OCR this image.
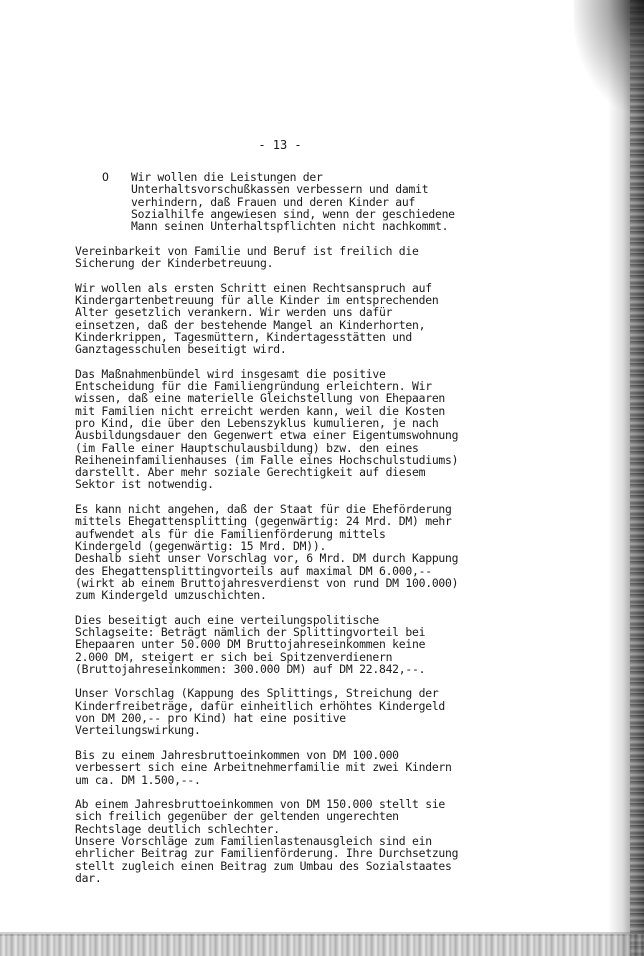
- 13 -
O Wir wollen die Leistungen der
Unterhaltsvorschußkassen verbessern und damit
verhindern, daß Frauen und deren Kinder auf
Sozialhilfe angewiesen sind, wenn der geschiedene
Mann seinen Unterhaltspflichten nicht nachkommt.
Vereinbarkeit von Familie und Beruf ist freilich die
Sicherung der Kinderbetreuung.
Wir wollen als ersten Schritt einen Rechtsanspruch auf
Kindergartenbetreuung für alle Kinder im entsprechenden
Alter gesetzlich verankern. Wir werden uns dafür
einsetzen, daß der bestehende Mangel an Kinderhorten,
Kinderkrippen, Tagesmüttern, Kindertagesstätten und
Ganztagesschulen beseitigt wird.
Das Maßnahmenbündel wird insgesamt die positive
Entscheidung für die Familiengründung erleichtern. Wir
wissen, daß eine materielle Gleichstellung von Ehepaaren
mit Familien nicht erreicht werden kann, weil die Kosten
pro Kind, die über den Lebenszyklus kumulieren, je nach
Ausbildungsdauer den Gegenwert etwa einer Eigentumswohnung
(im Falle einer Hauptschulausbildung) bzw. den eines
Reiheneinfamilienhauses (im Falle eines Hochschulstudiums)
darstellt. Aber mehr soziale Gerechtigkeit auf diesem
Sektor ist notwendig.
Es kann nicht angehen, daß der Staat für die Eheförderung
mittels Ehegattensplitting (gegenwärtig: 24 Mrd. DM) mehr
aufwendet als für die Familienförderung mittels
Kindergeld (gegenwärtig: 15 Mrd. DM)).
Deshalb sieht unser Vorschlag vor, 6 Mrd. DM durch Kappung
des Ehegattensplittingvorteils auf maximal DM 6.000,--
(wirkt ab einem Bruttojahresverdienst von rund DM 100.000)
zum Kindergeld umzuschichten.
Dies beseitigt auch eine verteilungspolitische
Schlagseite: Beträgt nämlich der Splittingvorteil bei
Ehepaaren unter 50.000 DM Bruttojahreseinkommen keine
2.000 DM, steigert er sich bei Spitzenverdienern
(Bruttojahreseinkommen: 300.000 DM) auf DM 22.842,--.
Unser Vorschlag (Kappung des Splittings, Streichung der
Kinderfreibeträge, dafür einheitlich erhöhtes Kindergeld
von DM 200,-- pro Kind) hat eine positive
Verteilungswirkung.
Bis zu einem Jahresbruttoeinkommen von DM 100.000
verbessert sich eine Arbeitnehmerfamilie mit zwei Kindern
um ca. DM 1.500,--.
Ab einem Jahresbruttoeinkommen von DM 150.000 stellt sie
sich freilich gegenüber der geltenden ungerechten
Rechtslage deutlich schlechter.
Unsere Vorschläge zum Familienlastenausgleich sind ein
ehrlicher Beitrag zur Familienförderung. Ihre Durchsetzung
stellt zugleich einen Beitrag zum Umbau des Sozialstaates
dar.
